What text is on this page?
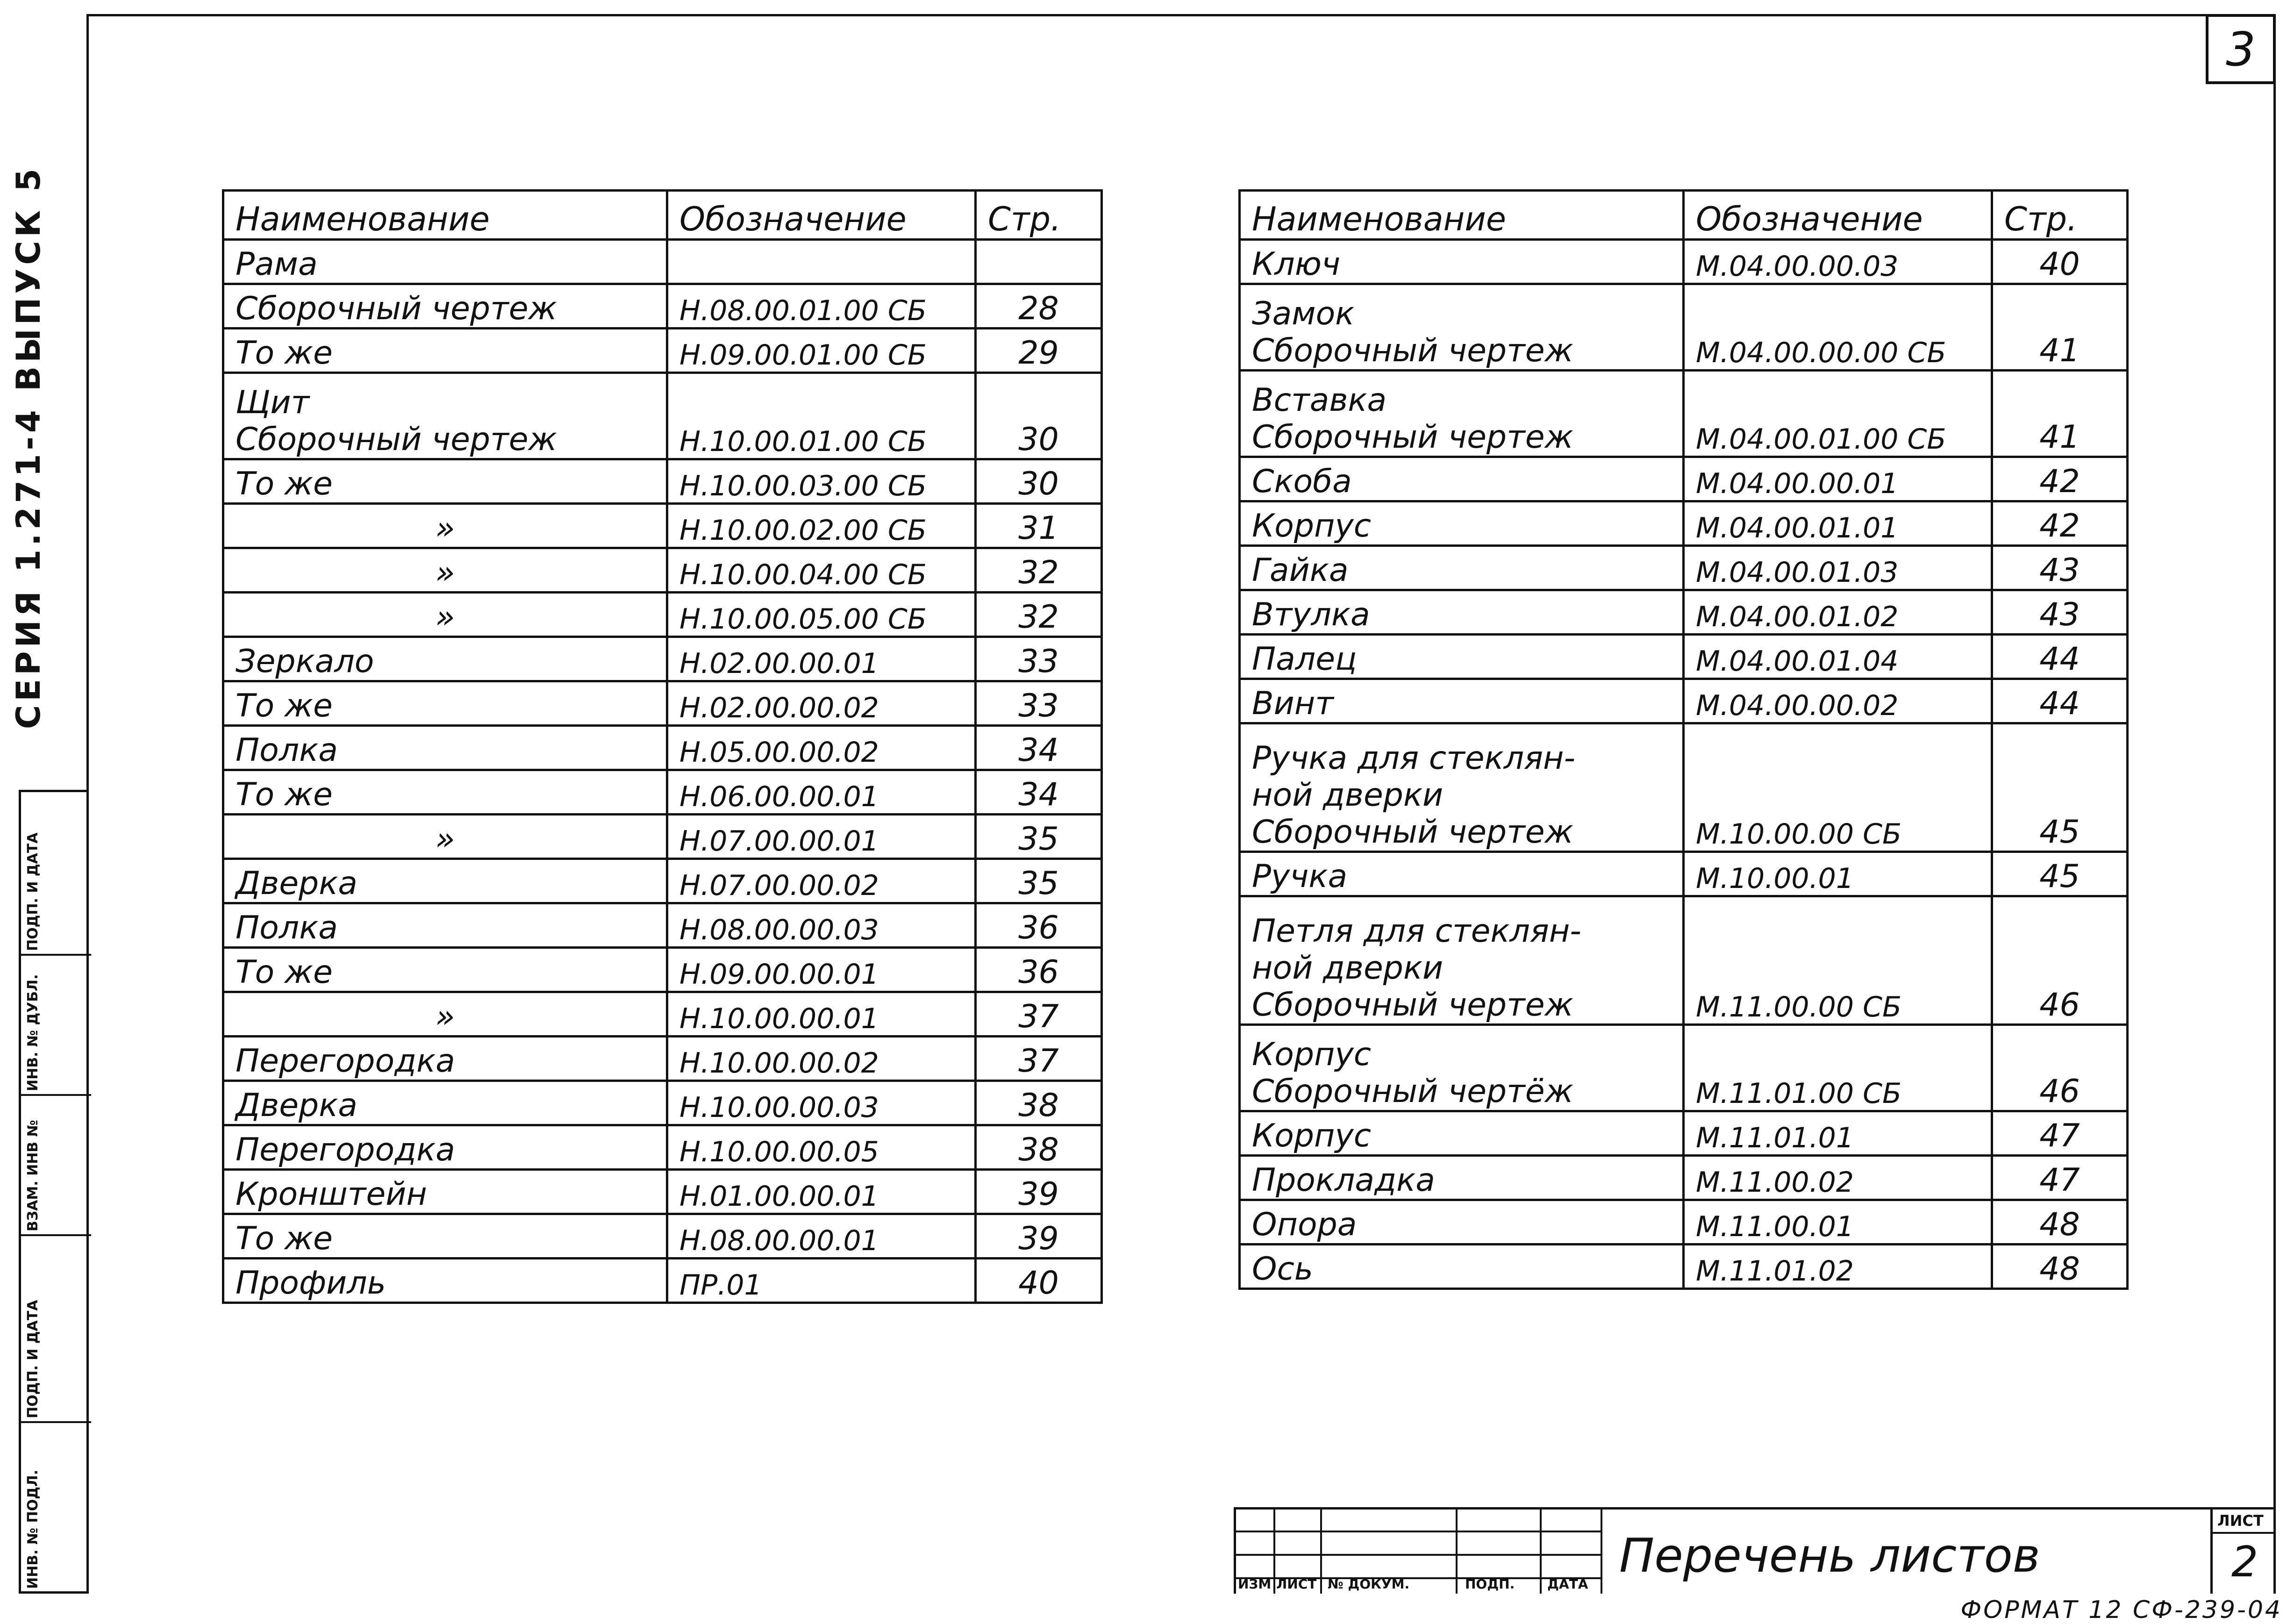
3
СЕРИЯ 1.271-4 ВЫПУСК 5
ПОДП. И ДАТА
ИНВ. № ДУБЛ.
ВЗАМ. ИНВ №
ПОДП. И ДАТА
ИНВ. № ПОДЛ.
Наименование	Обозначение	Стр.

Рама		

Сборочный чертеж	Н.08.00.01.00 СБ	28

То же	Н.09.00.01.00 СБ	29

Щит
Сборочный чертеж	Н.10.00.01.00 СБ	30

То же	Н.10.00.03.00 СБ	30

»	Н.10.00.02.00 СБ	31

»	Н.10.00.04.00 СБ	32

»	Н.10.00.05.00 СБ	32

Зеркало	Н.02.00.00.01	33

То же	Н.02.00.00.02	33

Полка	Н.05.00.00.02	34

То же	Н.06.00.00.01	34

»	Н.07.00.00.01	35

Дверка	Н.07.00.00.02	35

Полка	Н.08.00.00.03	36

То же	Н.09.00.00.01	36

»	Н.10.00.00.01	37

Перегородка	Н.10.00.00.02	37

Дверка	Н.10.00.00.03	38

Перегородка	Н.10.00.00.05	38

Кронштейн	Н.01.00.00.01	39

То же	Н.08.00.00.01	39

Профиль	ПР.01	40
Наименование	Обозначение	Стр.

Ключ	М.04.00.00.03	40

Замок
Сборочный чертеж	М.04.00.00.00 СБ	41

Вставка
Сборочный чертеж	М.04.00.01.00 СБ	41

Скоба	М.04.00.00.01	42

Корпус	М.04.00.01.01	42

Гайка	М.04.00.01.03	43

Втулка	М.04.00.01.02	43

Палец	М.04.00.01.04	44

Винт	М.04.00.00.02	44

Ручка для стеклян-
ной дверки
Сборочный чертеж	М.10.00.00 СБ	45

Ручка	М.10.00.01	45

Петля для стеклян-
ной дверки
Сборочный чертеж	М.11.00.00 СБ	46

Корпус
Сборочный чертёж	М.11.01.00 СБ	46

Корпус	М.11.01.01	47

Прокладка	М.11.00.02	47

Опора	М.11.00.01	48

Ось	М.11.01.02	48
ИЗМ ЛИСТ № ДОКУМ.	ПОДП. ДАТА
Перечень листов
ЛИСТ
2
ФОРМАТ 12 СФ-239-04
